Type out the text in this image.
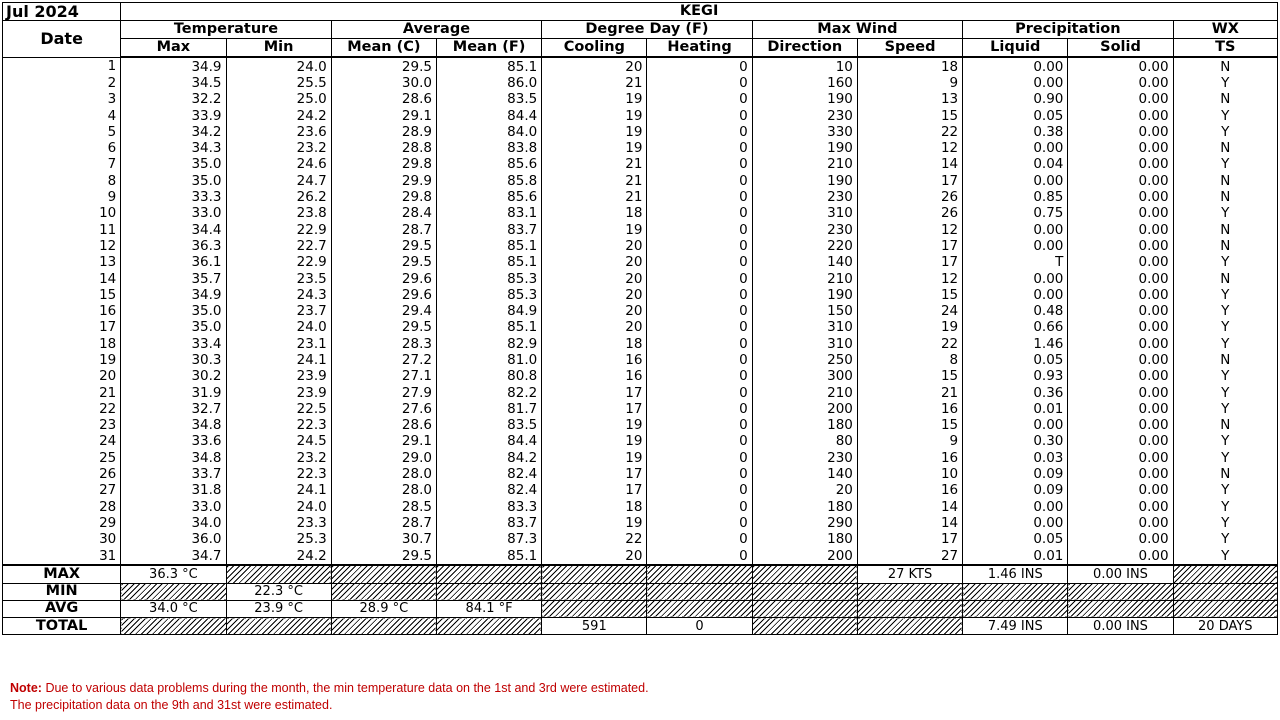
Jul 2024	KEGI										
Date	Temperature		Average		Degree Day (F)		Max Wind		Precipitation		WX
	Max	Min	Mean (C)	Mean (F)	Cooling	Heating	Direction	Speed	Liquid	Solid	TS
1	34.9	24.0	29.5	85.1	20	0	10	18	0.00	0.00	N
2	34.5	25.5	30.0	86.0	21	0	160	9	0.00	0.00	Y
3	32.2	25.0	28.6	83.5	19	0	190	13	0.90	0.00	N
4	33.9	24.2	29.1	84.4	19	0	230	15	0.05	0.00	Y
5	34.2	23.6	28.9	84.0	19	0	330	22	0.38	0.00	Y
6	34.3	23.2	28.8	83.8	19	0	190	12	0.00	0.00	N
7	35.0	24.6	29.8	85.6	21	0	210	14	0.04	0.00	Y
8	35.0	24.7	29.9	85.8	21	0	190	17	0.00	0.00	N
9	33.3	26.2	29.8	85.6	21	0	230	26	0.85	0.00	N
10	33.0	23.8	28.4	83.1	18	0	310	26	0.75	0.00	Y
11	34.4	22.9	28.7	83.7	19	0	230	12	0.00	0.00	N
12	36.3	22.7	29.5	85.1	20	0	220	17	0.00	0.00	N
13	36.1	22.9	29.5	85.1	20	0	140	17	T	0.00	Y
14	35.7	23.5	29.6	85.3	20	0	210	12	0.00	0.00	N
15	34.9	24.3	29.6	85.3	20	0	190	15	0.00	0.00	Y
16	35.0	23.7	29.4	84.9	20	0	150	24	0.48	0.00	Y
17	35.0	24.0	29.5	85.1	20	0	310	19	0.66	0.00	Y
18	33.4	23.1	28.3	82.9	18	0	310	22	1.46	0.00	Y
19	30.3	24.1	27.2	81.0	16	0	250	8	0.05	0.00	N
20	30.2	23.9	27.1	80.8	16	0	300	15	0.93	0.00	Y
21	31.9	23.9	27.9	82.2	17	0	210	21	0.36	0.00	Y
22	32.7	22.5	27.6	81.7	17	0	200	16	0.01	0.00	Y
23	34.8	22.3	28.6	83.5	19	0	180	15	0.00	0.00	N
24	33.6	24.5	29.1	84.4	19	0	80	9	0.30	0.00	Y
25	34.8	23.2	29.0	84.2	19	0	230	16	0.03	0.00	Y
26	33.7	22.3	28.0	82.4	17	0	140	10	0.09	0.00	N
27	31.8	24.1	28.0	82.4	17	0	20	16	0.09	0.00	Y
28	33.0	24.0	28.5	83.3	18	0	180	14	0.00	0.00	Y
29	34.0	23.3	28.7	83.7	19	0	290	14	0.00	0.00	Y
30	36.0	25.3	30.7	87.3	22	0	180	17	0.05	0.00	Y
31	34.7	24.2	29.5	85.1	20	0	200	27	0.01	0.00	Y
MAX	36.3 °C							27 KTS	1.46 INS	0.00 INS	
MIN		22.3 °C									
AVG	34.0 °C	23.9 °C	28.9 °C	84.1 °F							
TOTAL					591	0			7.49 INS	0.00 INS	20 DAYS
Note: Due to various data problems during the month, the min temperature data on the 1st and 3rd were estimated.
The precipitation data on the 9th and 31st were estimated.
